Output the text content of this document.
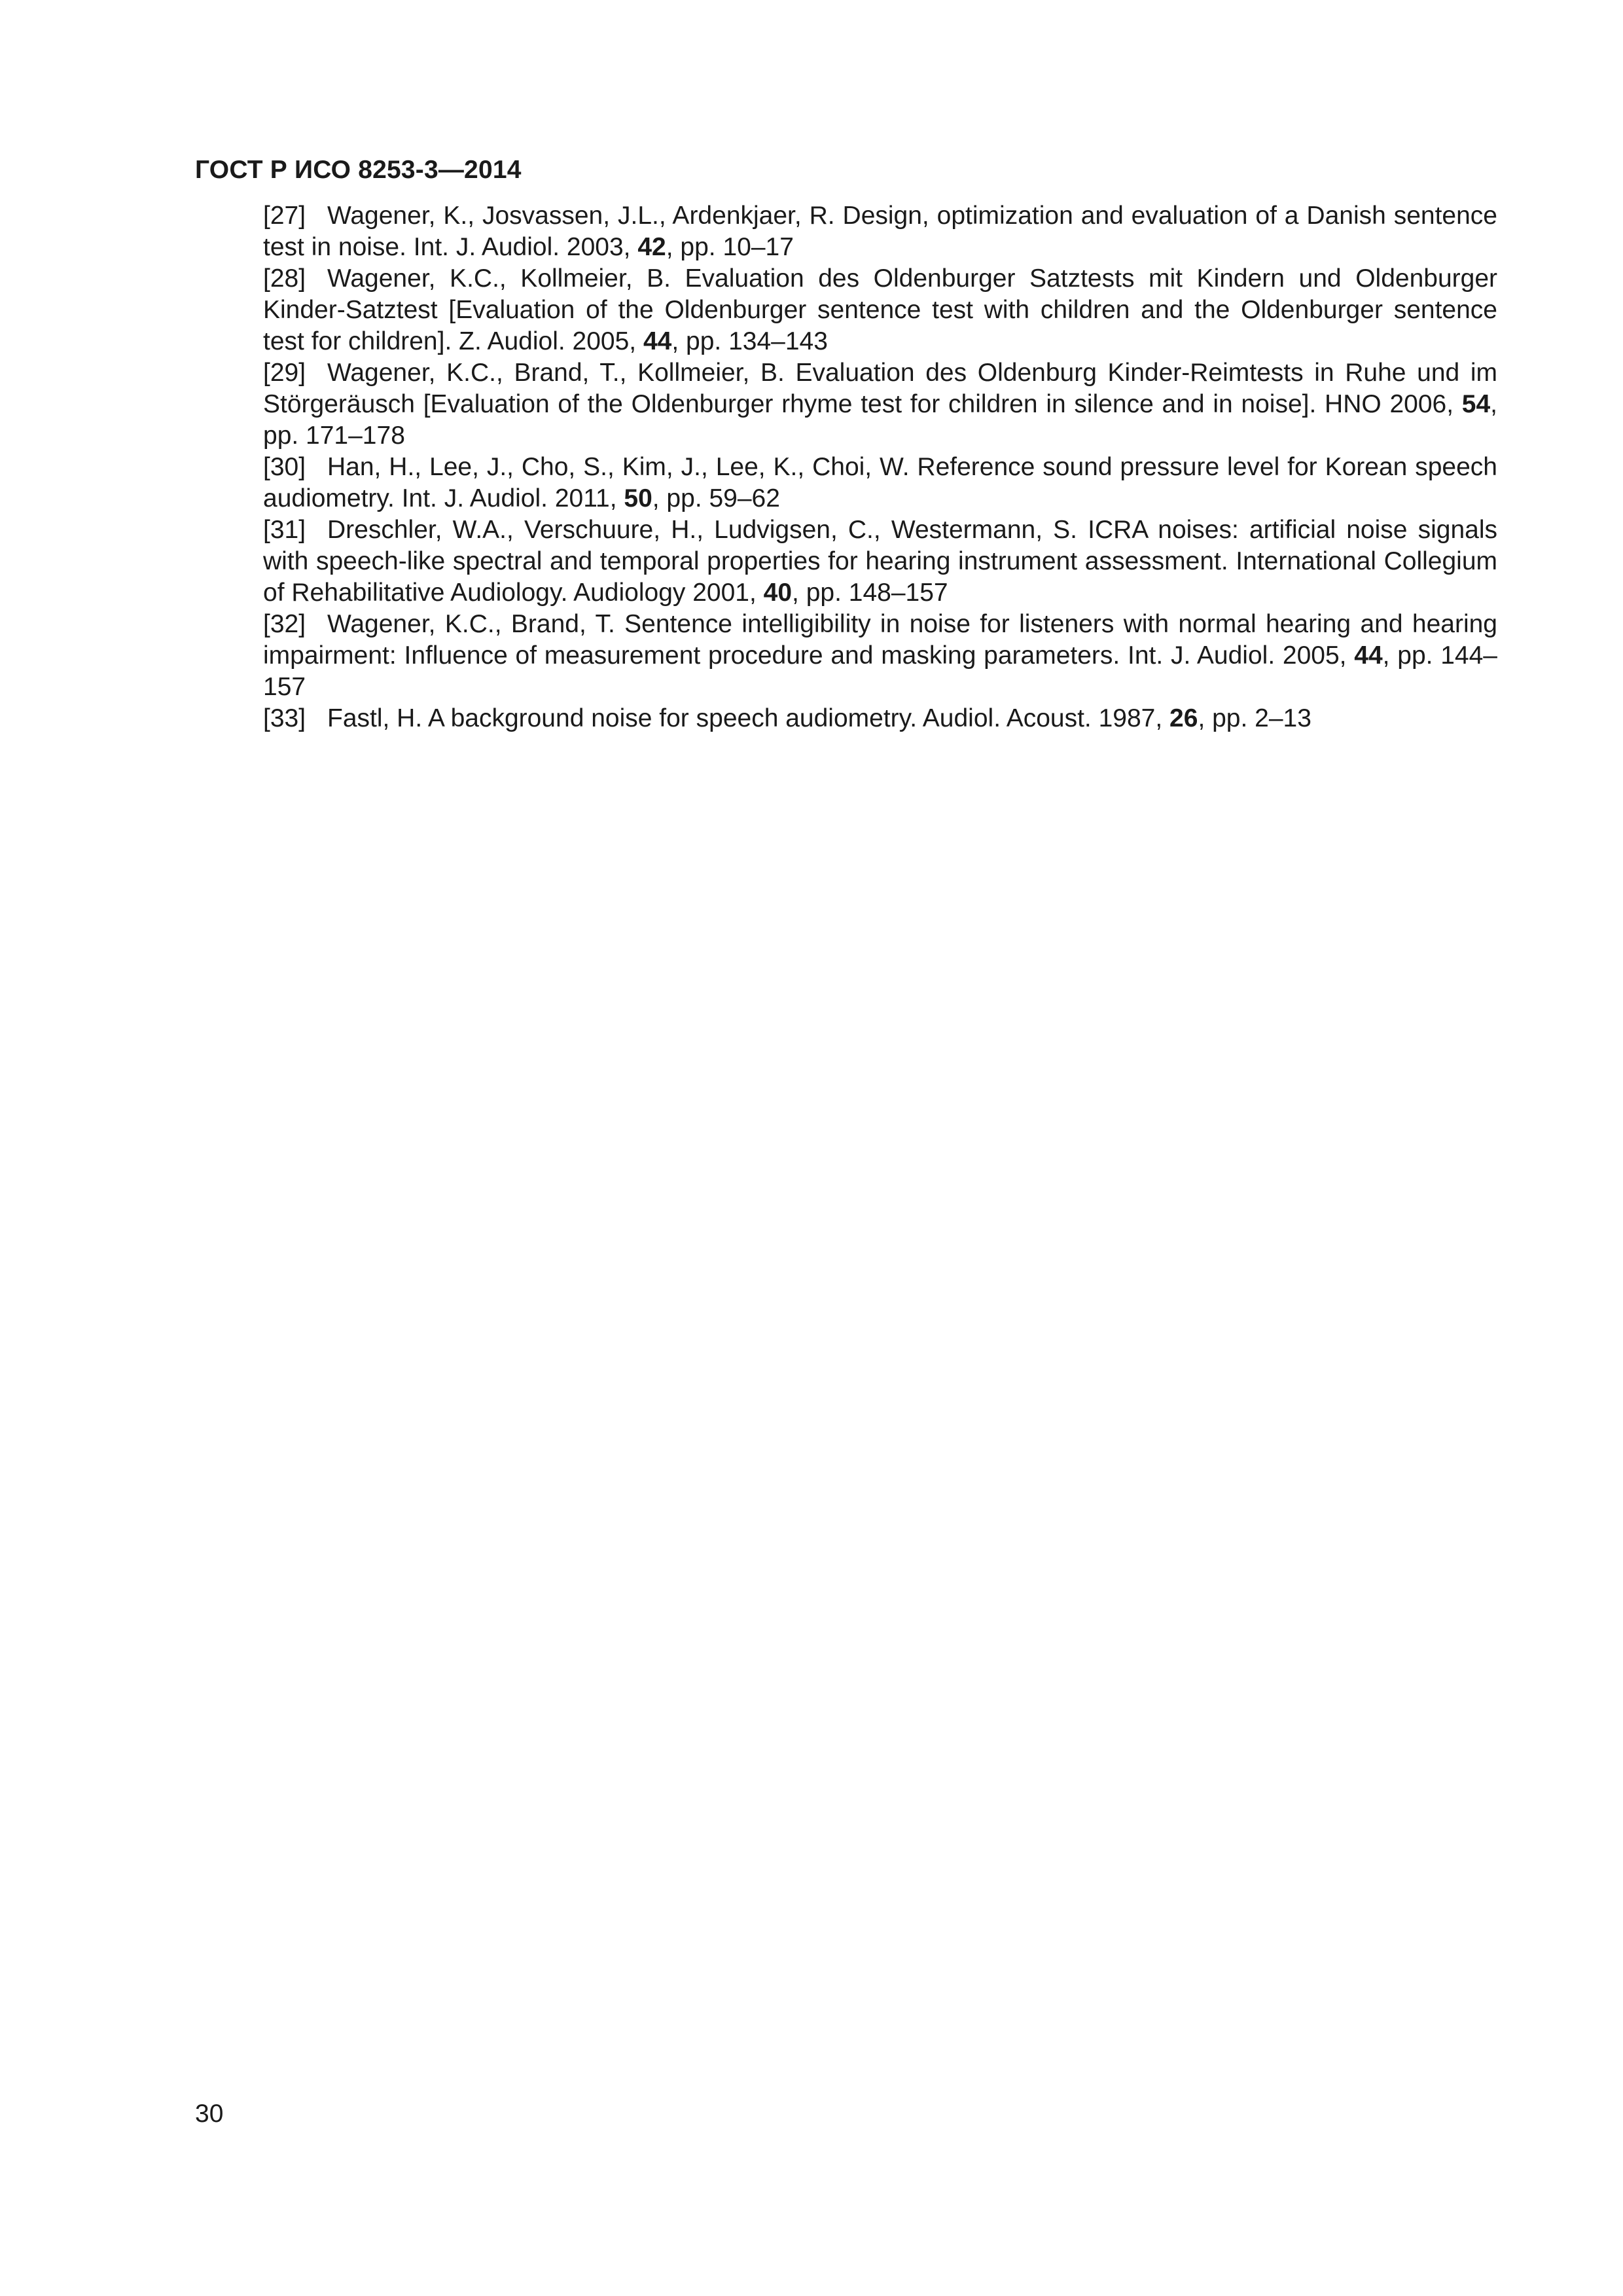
ГОСТ Р ИСО 8253-3—2014
[27] Wagener, K., Josvassen, J.L., Ardenkjaer, R. Design, optimization and evaluation of a Danish sentence test in noise. Int. J. Audiol. 2003, 42, pp. 10–17
[28] Wagener, K.C., Kollmeier, B. Evaluation des Oldenburger Satztests mit Kindern und Oldenburger Kinder-Satztest [Evaluation of the Oldenburger sentence test with children and the Oldenburger sentence test for children]. Z. Audiol. 2005, 44, pp. 134–143
[29] Wagener, K.C., Brand, T., Kollmeier, B. Evaluation des Oldenburg Kinder-Reimtests in Ruhe und im Störgeräusch [Evaluation of the Oldenburger rhyme test for children in silence and in noise]. HNO 2006, 54, pp. 171–178
[30] Han, H., Lee, J., Cho, S., Kim, J., Lee, K., Choi, W. Reference sound pressure level for Korean speech audiometry. Int. J. Audiol. 2011, 50, pp. 59–62
[31] Dreschler, W.A., Verschuure, H., Ludvigsen, C., Westermann, S. ICRA noises: artificial noise signals with speech-like spectral and temporal properties for hearing instrument assessment. International Collegium of Rehabilitative Audiology. Audiology 2001, 40, pp. 148–157
[32] Wagener, K.C., Brand, T. Sentence intelligibility in noise for listeners with normal hearing and hearing impairment: Influence of measurement procedure and masking parameters. Int. J. Audiol. 2005, 44, pp. 144–157
[33] Fastl, H. A background noise for speech audiometry. Audiol. Acoust. 1987, 26, pp. 2–13
30
